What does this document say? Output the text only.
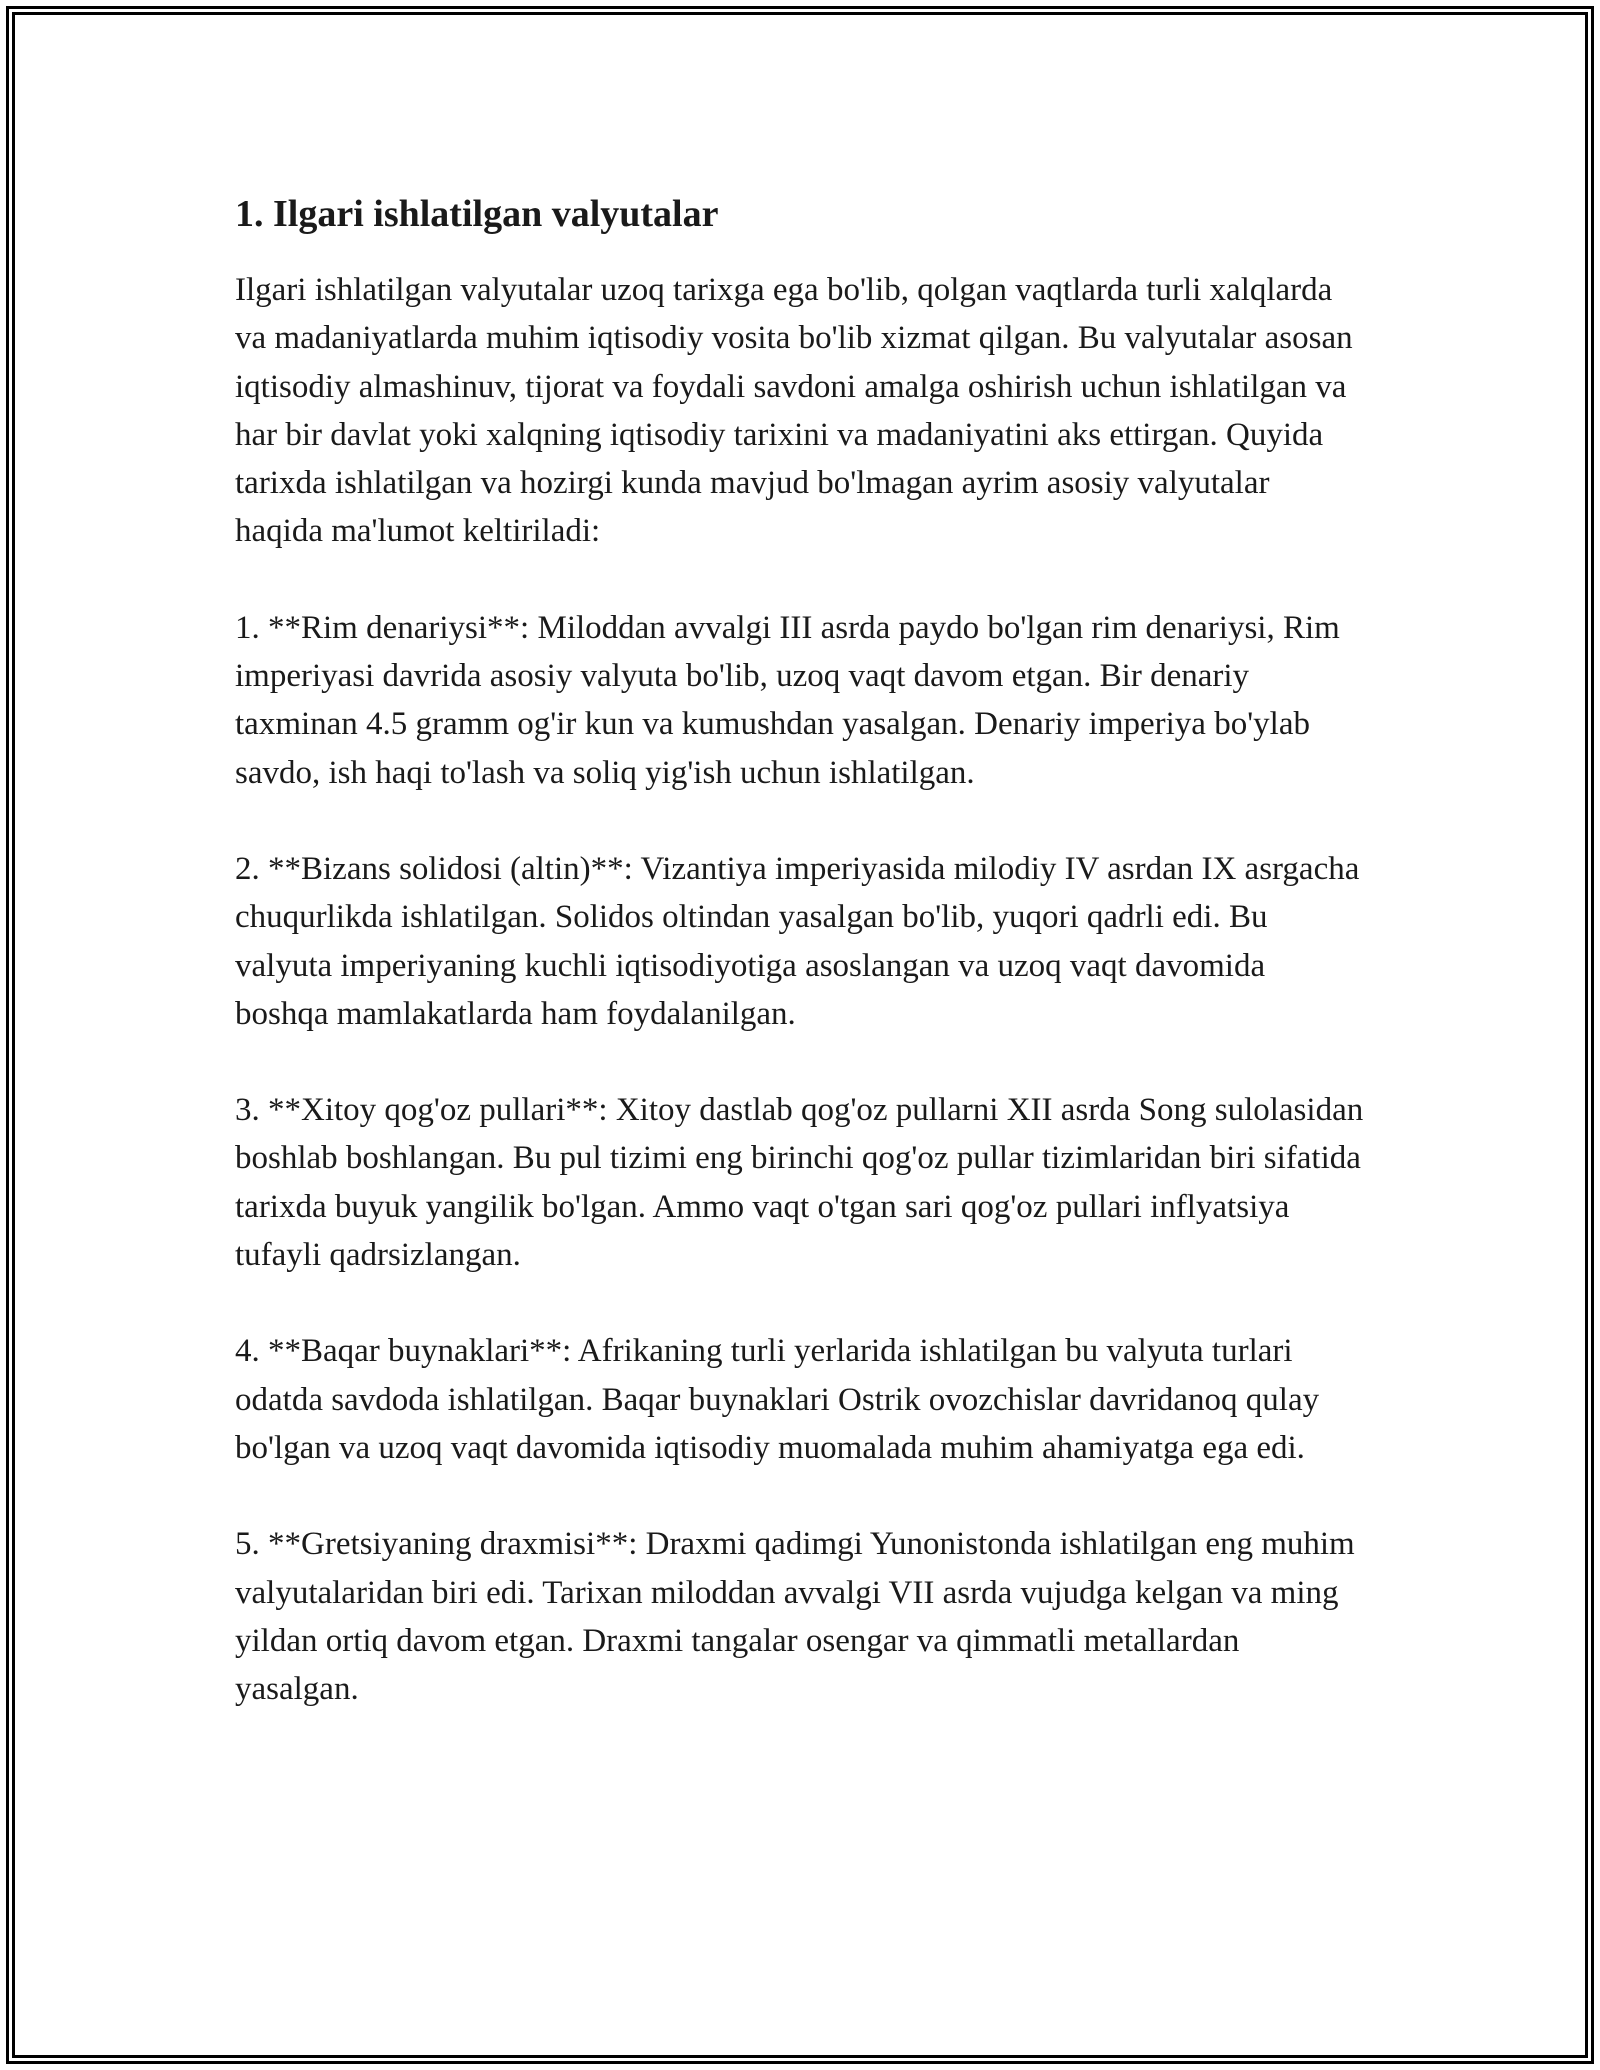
1. Ilgari ishlatilgan valyutalar

Ilgari ishlatilgan valyutalar uzoq tarixga ega bo'lib, qolgan vaqtlarda turli xalqlarda va madaniyatlarda muhim iqtisodiy vosita bo'lib xizmat qilgan. Bu valyutalar asosan iqtisodiy almashinuv, tijorat va foydali savdoni amalga oshirish uchun ishlatilgan va har bir davlat yoki xalqning iqtisodiy tarixini va madaniyatini aks ettirgan. Quyida tarixda ishlatilgan va hozirgi kunda mavjud bo'lmagan ayrim asosiy valyutalar haqida ma'lumot keltiriladi:

1. **Rim denariysi**: Miloddan avvalgi III asrda paydo bo'lgan rim denariysi, Rim imperiyasi davrida asosiy valyuta bo'lib, uzoq vaqt davom etgan. Bir denariy taxminan 4.5 gramm og'ir kun va kumushdan yasalgan. Denariy imperiya bo'ylab savdo, ish haqi to'lash va soliq yig'ish uchun ishlatilgan.

2. **Bizans solidosi (altin)**: Vizantiya imperiyasida milodiy IV asrdan IX asrgacha chuqurlikda ishlatilgan. Solidos oltindan yasalgan bo'lib, yuqori qadrli edi. Bu valyuta imperiyaning kuchli iqtisodiyotiga asoslangan va uzoq vaqt davomida boshqa mamlakatlarda ham foydalanilgan.

3. **Xitoy qog'oz pullari**: Xitoy dastlab qog'oz pullarni XII asrda Song sulolasidan boshlab boshlangan. Bu pul tizimi eng birinchi qog'oz pullar tizimlaridan biri sifatida tarixda buyuk yangilik bo'lgan. Ammo vaqt o'tgan sari qog'oz pullari inflyatsiya tufayli qadrsizlangan.

4. **Baqar buynaklari**: Afrikaning turli yerlarida ishlatilgan bu valyuta turlari odatda savdoda ishlatilgan. Baqar buynaklari Ostrik ovozchislar davridanoq qulay bo'lgan va uzoq vaqt davomida iqtisodiy muomalada muhim ahamiyatga ega edi.

5. **Gretsiyaning draxmisi**: Draxmi qadimgi Yunonistonda ishlatilgan eng muhim valyutalaridan biri edi. Tarixan miloddan avvalgi VII asrda vujudga kelgan va ming yildan ortiq davom etgan. Draxmi tangalar osengar va qimmatli metallardan yasalgan.
